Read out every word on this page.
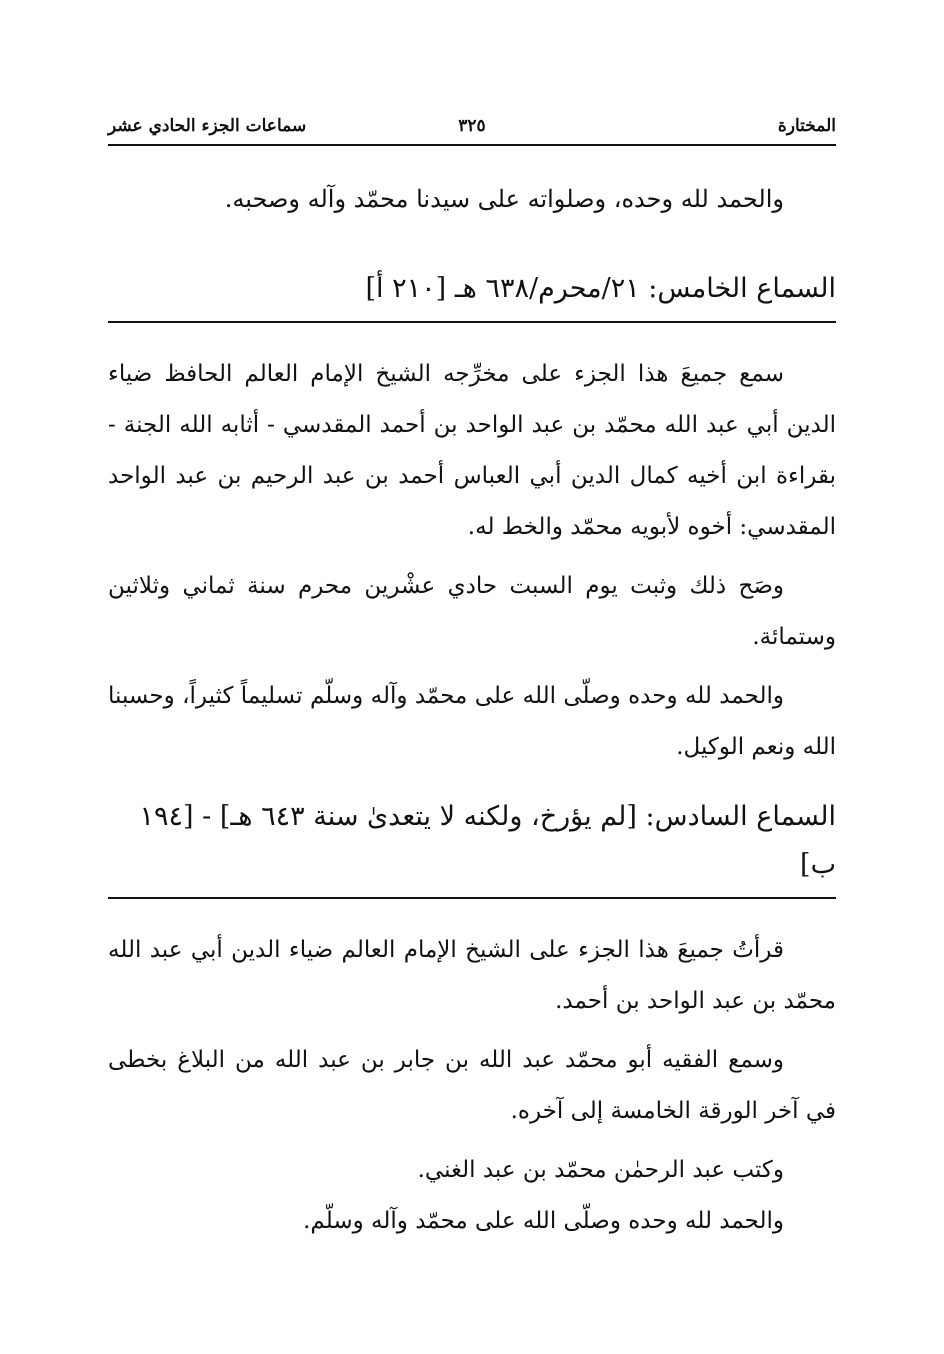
المختارة
٣٢٥
سماعات الجزء الحادي عشر

والحمد لله وحده، وصلواته على سيدنا محمّد وآله وصحبه.

السماع الخامس: ٢١/محرم/٦٣٨ هـ [٢١٠ أ]

سمع جميعَ هذا الجزء على مخرِّجه الشيخ الإمام العالم الحافظ ضياء الدين أبي عبد الله محمّد بن عبد الواحد بن أحمد المقدسي - أثابه الله الجنة - بقراءة ابن أخيه كمال الدين أبي العباس أحمد بن عبد الرحيم بن عبد الواحد المقدسي: أخوه لأبويه محمّد والخط له.

وصَح ذلك وثبت يوم السبت حادي عشْرين محرم سنة ثماني وثلاثين وستمائة.

والحمد لله وحده وصلّى الله على محمّد وآله وسلّم تسليماً كثيراً، وحسبنا الله ونعم الوكيل.

السماع السادس: [لم يؤرخ، ولكنه لا يتعدىٰ سنة ٦٤٣ هـ] - [١٩٤ ب]

قرأتُ جميعَ هذا الجزء على الشيخ الإمام العالم ضياء الدين أبي عبد الله محمّد بن عبد الواحد بن أحمد.

وسمع الفقيه أبو محمّد عبد الله بن جابر بن عبد الله من البلاغ بخطى في آخر الورقة الخامسة إلى آخره.

وكتب عبد الرحمٰن محمّد بن عبد الغني.

والحمد لله وحده وصلّى الله على محمّد وآله وسلّم.
